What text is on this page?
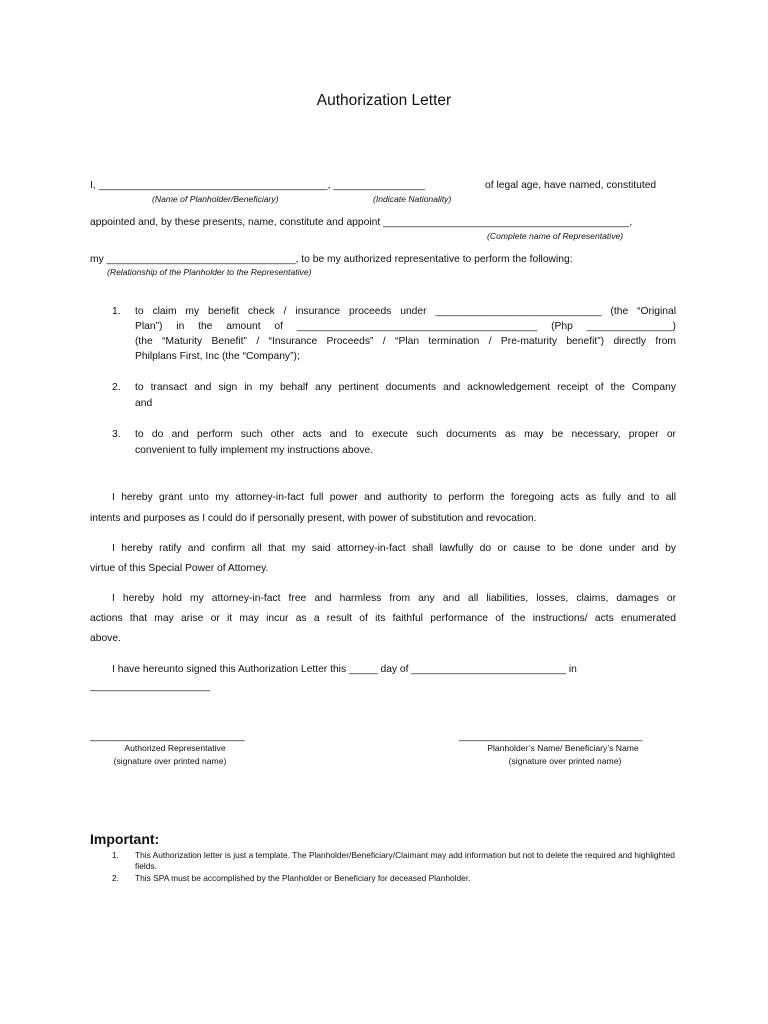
Authorization Letter
I, ________________________________________, ________________	of legal age, have named, constituted
(Name of Planholder/Beneficiary)	(Indicate Nationality)
appointed and, by these presents, name, constitute and appoint ___________________________________________,
(Complete name of Representative)
my _________________________________, to be my authorized representative to perform the following:
(Relationship of the Planholder to the Representative)
1. to claim my benefit check / insurance proceeds under _____________________________ (the “Original
Plan”) in the amount of __________________________________________ (Php _______________)
(the “Maturity Benefit” / “Insurance Proceeds” / “Plan termination / Pre-maturity benefit”) directly from
Philplans First, Inc (the “Company”);
2. to transact and sign in my behalf any pertinent documents and acknowledgement receipt of the Company
and
3. to do and perform such other acts and to execute such documents as may be necessary, proper or
convenient to fully implement my instructions above.
I hereby grant unto my attorney-in-fact full power and authority to perform the foregoing acts as fully and to all
intents and purposes as I could do if personally present, with power of substitution and revocation.
I hereby ratify and confirm all that my said attorney-in-fact shall lawfully do or cause to be done under and by
virtue of this Special Power of Attorney.
I hereby hold my attorney-in-fact free and harmless from any and all liabilities, losses, claims, damages or
actions that may arise or it may incur as a result of its faithful performance of the instructions/ acts enumerated
above.
I have hereunto signed this Authorization Letter this _____ day of ___________________________ in
_____________________
___________________________
Authorized Representative
(signature over printed name)
________________________________
Planholder’s Name/ Beneficiary’s Name
(signature over printed name)
Important:
1. This Authorization letter is just a template. The Planholder/Beneficiary/Claimant may add information but not to delete the required and highlighted fields.
2. This SPA must be accomplished by the Planholder or Beneficiary for deceased Planholder.
